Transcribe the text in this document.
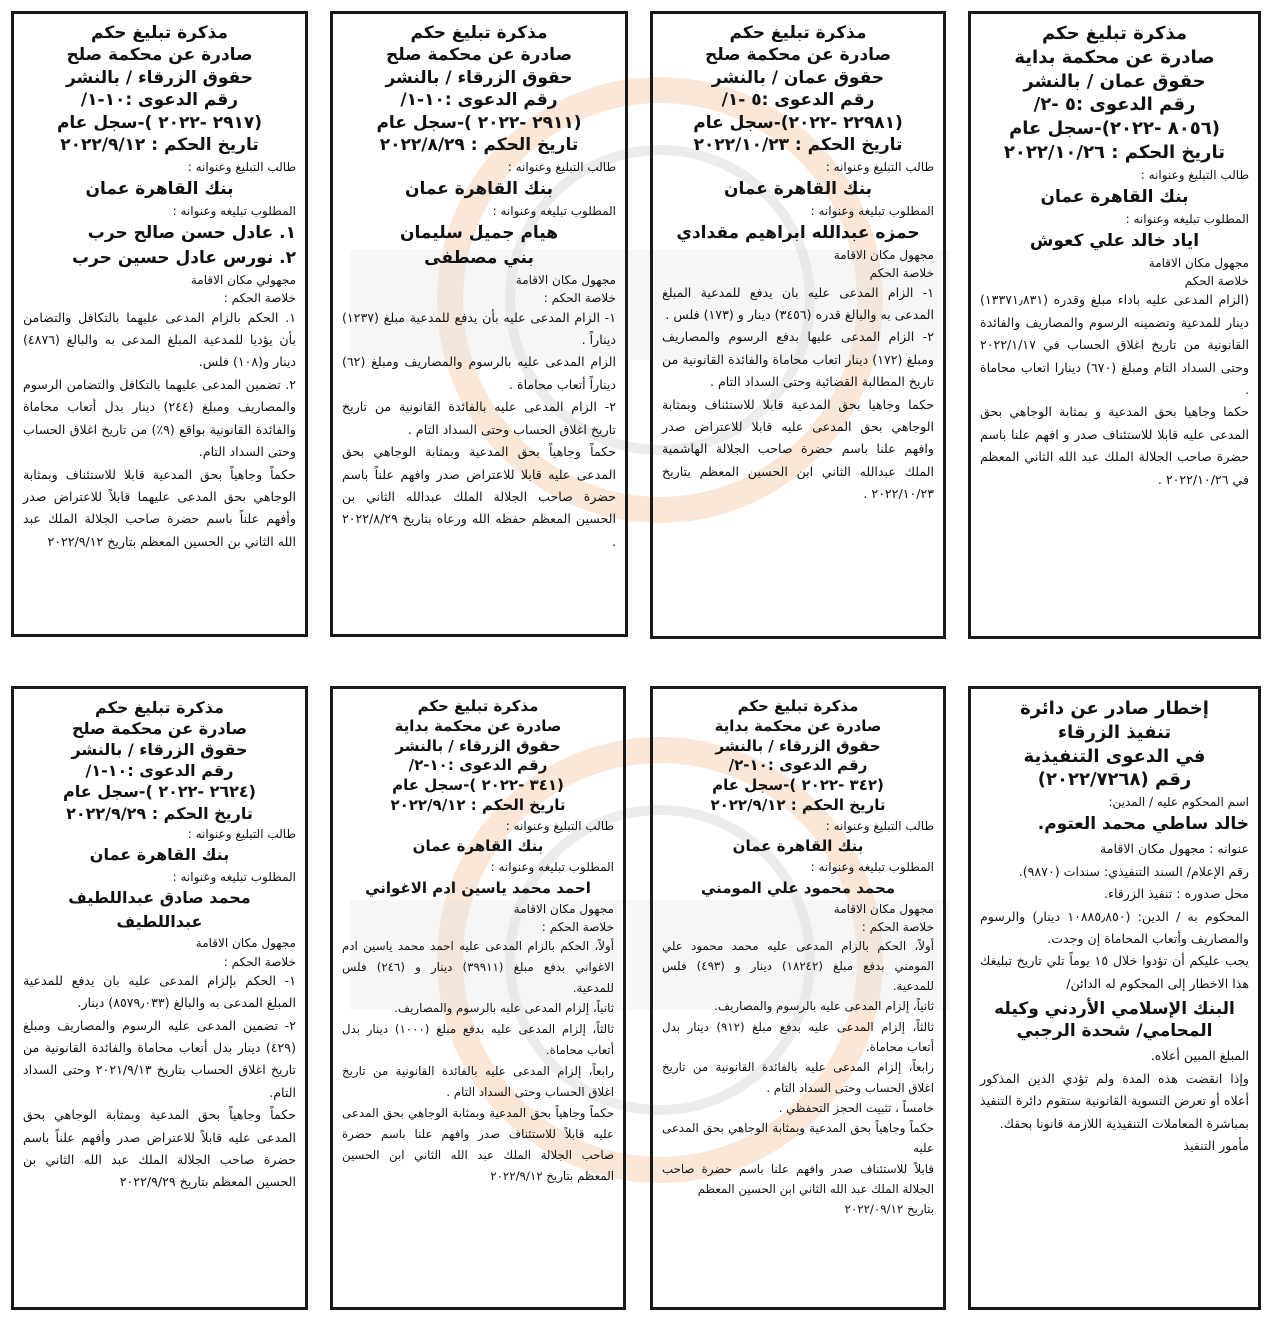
مذكرة تبليغ حكم
صادرة عن محكمة بداية
حقوق عمان / بالنشر
رقم الدعوى :٥ -٢/
(٨٠٥٦ -٢٠٢٢)-سجل عام
تاريخ الحكم : ٢٠٢٢/١٠/٢٦
طالب التبليغ وعنوانه :
بنك القاهرة عمان
المطلوب تبليغه وعنوانه :
اياد خالد علي كعوش
مجهول مكان الاقامة
خلاصة الحكم

(الزام المدعى عليه باداء مبلغ وقدره (١٣٣٧١٫٨٣١) دينار للمدعية وتضمينه الرسوم والمصاريف والفائدة القانونية من تاريخ اغلاق الحساب في ٢٠٢٢/١/١٧ وحتى السداد التام ومبلغ (٦٧٠) دينارا اتعاب محاماة .

حكما وجاهيا بحق المدعية و بمثابة الوجاهي بحق المدعى عليه قابلا للاستئناف صدر و افهم علنا باسم حضرة صاحب الجلالة الملك عبد الله الثاني المعظم في ٢٠٢٢/١٠/٢٦ .

مذكرة تبليغ حكم
صادرة عن محكمة صلح
حقوق عمان / بالنشر
رقم الدعوى :٥ -١/
(٢٢٩٨١ -٢٠٢٢)-سجل عام
تاريخ الحكم : ٢٠٢٢/١٠/٢٣
طالب التبليغ وعنوانه :
بنك القاهرة عمان
المطلوب تبليغه وعنوانه :
حمزه عبدالله ابراهيم مقدادي
مجهول مكان الاقامة
خلاصة الحكم

١- الزام المدعى عليه بان يدفع للمدعية المبلغ المدعى به والبالغ قدره (٣٤٥٦) دينار و (١٧٣) فلس .

٢- الزام المدعى عليها بدفع الرسوم والمصاريف ومبلغ (١٧٢) دينار اتعاب محاماة والفائدة القانونية من تاريخ المطالبة القضائية وحتى السداد التام .

حكما وجاهيا بحق المدعية قابلا للاستئناف وبمثابة الوجاهي بحق المدعى عليه قابلا للاعتراض صدر وافهم علنا باسم حضرة صاحب الجلالة الهاشمية الملك عبدالله الثاني ابن الحسين المعظم بتاريخ ٢٠٢٢/١٠/٢٣ .

مذكرة تبليغ حكم
صادرة عن محكمة صلح
حقوق الزرقاء / بالنشر
رقم الدعوى :١٠-١/
(٢٩١١ -٢٠٢٢ )-سجل عام
تاريخ الحكم : ٢٠٢٢/٨/٢٩
طالب التبليغ وعنوانه :
بنك القاهرة عمان
المطلوب تبليغه وعنوانه :
هيام جميل سليمان
بني مصطفى
مجهول مكان الاقامة
خلاصة الحكم :

١- الزام المدعى عليه بأن يدفع للمدعية مبلغ (١٢٣٧) ديناراً .

الزام المدعى عليه بالرسوم والمصاريف ومبلغ (٦٢) ديناراً أتعاب محاماة .

٢- الزام المدعى عليه بالفائدة القانونية من تاريخ تاريخ اغلاق الحساب وحتى السداد التام .

حكماً وجاهياً بحق المدعية وبمثابة الوجاهي بحق المدعى عليه قابلا للاعتراض صدر وافهم علناً باسم حضرة صاحب الجلالة الملك عبدالله الثاني بن الحسين المعظم حفظه الله ورعاه بتاريخ ٢٠٢٢/٨/٢٩ .

مذكرة تبليغ حكم
صادرة عن محكمة صلح
حقوق الزرقاء / بالنشر
رقم الدعوى :١٠-١/
(٢٩١٧ -٢٠٢٢ )-سجل عام
تاريخ الحكم : ٢٠٢٢/٩/١٢
طالب التبليغ وعنوانه :
بنك القاهرة عمان
المطلوب تبليغه وعنوانه :
١. عادل حسن صالح حرب
٢. نورس عادل حسين حرب
مجهولي مكان الاقامة
خلاصة الحكم :

١. الحكم بالزام المدعى عليهما بالتكافل والتضامن بأن يؤديا للمدعية المبلغ المدعى به والبالغ (٤٨٧٦) دينار و(١٠٨) فلس.

٢. تضمين المدعى عليهما بالتكافل والتضامن الرسوم والمصاريف ومبلغ (٢٤٤) دينار بدل أتعاب محاماة والفائدة القانونية بواقع (٩٪) من تاريخ اغلاق الحساب وحتى السداد التام.

حكماً وجاهياً بحق المدعية قابلا للاستئناف وبمثابة الوجاهي بحق المدعى عليهما قابلاً للاعتراض صدر وأفهم علناً باسم حضرة صاحب الجلالة الملك عبد الله الثاني بن الحسين المعظم بتاريخ ٢٠٢٢/٩/١٢

إخطار صادر عن دائرة
تنفيذ الزرقاء
في الدعوى التنفيذية
رقم (٢٠٢٢/٧٢٦٨)
اسم المحكوم عليه / المدين:
خالد ساطي محمد العتوم.

عنوانه : مجهول مكان الاقامة

رقم الإعلام/ السند التنفيذي: سندات (٩٨٧٠).

محل صدوره : تنفيذ الزرقاء.

المحكوم به / الدين: (١٠٨٨٥٫٨٥٠ دينار) والرسوم والمصاريف وأتعاب المحاماة إن وجدت.

يجب عليكم أن تؤدوا خلال ١٥ يوماً تلي تاريخ تبليغك هذا الاخطار إلى المحكوم له الدائن/

البنك الإسلامي الأردني وكيله المحامي/ شحدة الرجبي

المبلغ المبين أعلاه.

وإذا انقضت هذه المدة ولم تؤدي الدين المذكور أعلاه أو تعرض التسوية القانونية ستقوم دائرة التنفيذ بمباشرة المعاملات التنفيذية اللازمة قانونا بحقك.

مأمور التنفيذ

مذكرة تبليغ حكم
صادرة عن محكمة بداية
حقوق الزرقاء / بالنشر
رقم الدعوى :١٠-٢/
(٣٤٢ -٢٠٢٢ )-سجل عام
تاريخ الحكم : ٢٠٢٢/٩/١٢
طالب التبليغ وعنوانه :
بنك القاهرة عمان
المطلوب تبليغه وعنوانه :
محمد محمود علي المومني
مجهول مكان الاقامة
خلاصة الحكم :

أولاً، الحكم بالزام المدعى عليه محمد محمود علي المومني بدفع مبلغ (١٨٢٤٢) دينار و (٤٩٣) فلس للمدعية.

ثانياً، إلزام المدعى عليه بالرسوم والمصاريف.

ثالثاً، إلزام المدعى عليه بدفع مبلغ (٩١٢) دينار بدل أتعاب محاماة.

رابعاً، إلزام المدعى عليه بالفائدة القانونية من تاريخ اغلاق الحساب وحتى السداد التام .

خامساً ، تثبيت الحجز التحفظي .

حكماً وجاهياً بحق المدعية وبمثابة الوجاهي بحق المدعى عليه

قابلاً للاستئناف صدر وافهم علنا باسم حضرة صاحب الجلالة الملك عبد الله الثاني ابن الحسين المعظم

بتاريخ ٢٠٢٢/٠٩/١٢

مذكرة تبليغ حكم
صادرة عن محكمة بداية
حقوق الزرقاء / بالنشر
رقم الدعوى :١٠-٢/
(٣٤١ -٢٠٢٢ )-سجل عام
تاريخ الحكم : ٢٠٢٢/٩/١٢
طالب التبليغ وعنوانه :
بنك القاهرة عمان
المطلوب تبليغه وعنوانه :
احمد محمد ياسين ادم الاغواني
مجهول مكان الاقامة
خلاصة الحكم :

أولاً، الحكم بالزام المدعى عليه احمد محمد ياسين ادم الاغواني بدفع مبلغ (٣٩٩١١) دينار و (٢٤٦) فلس للمدعية.

ثانياً، إلزام المدعى عليه بالرسوم والمصاريف.

ثالثاً، إلزام المدعى عليه بدفع مبلغ (١٠٠٠) دينار بدل أتعاب محاماة.

رابعاً، إلزام المدعى عليه بالفائدة القانونية من تاريخ اغلاق الحساب وحتى السداد التام .

حكماً وجاهياً بحق المدعية وبمثابة الوجاهي بحق المدعى عليه قابلاً للاستئناف صدر وافهم علنا باسم حضرة صاحب الجلالة الملك عبد الله الثاني ابن الحسين المعظم بتاريخ ٢٠٢٢/٩/١٢

مذكرة تبليغ حكم
صادرة عن محكمة صلح
حقوق الزرقاء / بالنشر
رقم الدعوى :١٠-١/
(٢٦٢٤ -٢٠٢٢ )-سجل عام
تاريخ الحكم : ٢٠٢٢/٩/٢٩
طالب التبليغ وعنوانه :
بنك القاهرة عمان
المطلوب تبليغه وعنوانه :
محمد صادق عبداللطيف
عبداللطيف
مجهول مكان الاقامة
خلاصة الحكم :

١- الحكم بإلزام المدعى عليه بان يدفع للمدعية المبلغ المدعى به والبالغ (٨٥٧٩٫٠٣٣) دينار.

٢- تضمين المدعى عليه الرسوم والمصاريف ومبلغ (٤٢٩) دينار بدل أتعاب محاماة والفائدة القانونية من تاريخ اغلاق الحساب بتاريخ ٢٠٢١/٩/١٣ وحتى السداد التام.

حكماً وجاهياً بحق المدعية وبمثابة الوجاهي بحق المدعى عليه قابلاً للاعتراض صدر وأفهم علناً باسم حضرة صاحب الجلالة الملك عبد الله الثاني بن الحسين المعظم بتاريخ ٢٠٢٢/٩/٢٩
